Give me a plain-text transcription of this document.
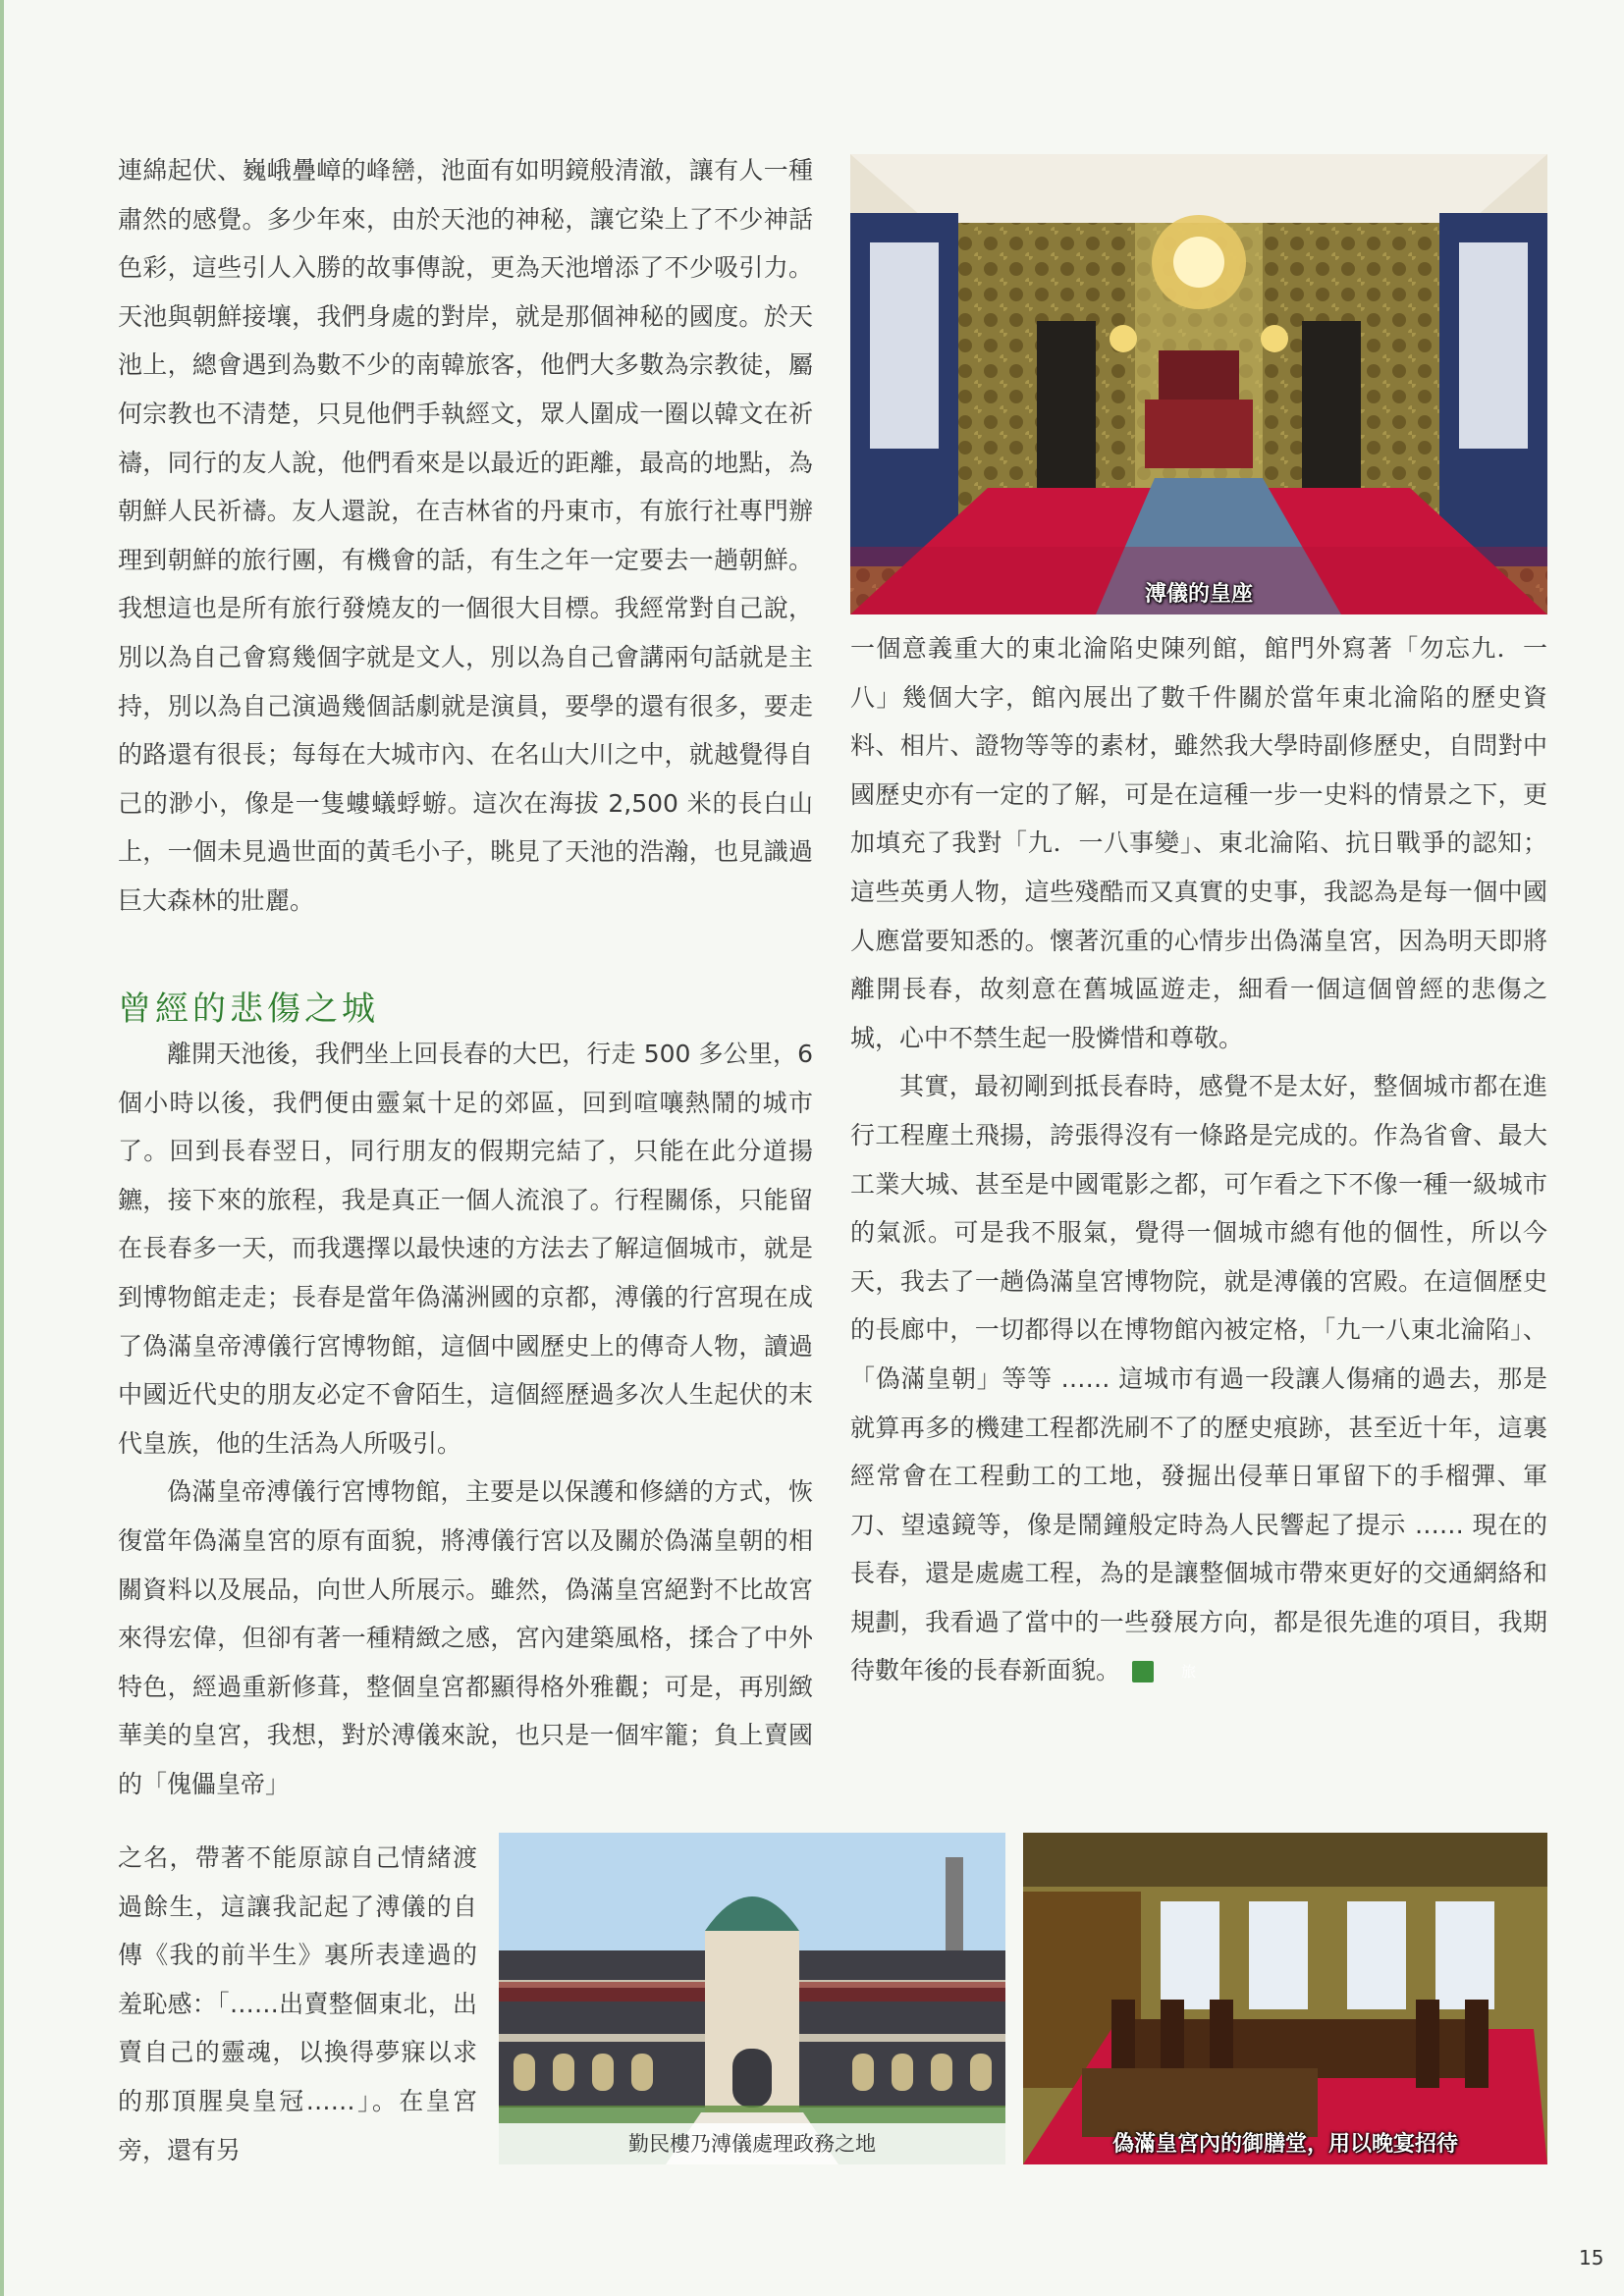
連綿起伏、巍峨疊嶂的峰巒，池面有如明鏡般清澈，讓有人一種肅然的感覺。多少年來，由於天池的神秘，讓它染上了不少神話色彩，這些引人入勝的故事傳說，更為天池增添了不少吸引力。天池與朝鮮接壤，我們身處的對岸，就是那個神秘的國度。於天池上，總會遇到為數不少的南韓旅客，他們大多數為宗教徒，屬何宗教也不清楚，只見他們手執經文，眾人圍成一圈以韓文在祈禱，同行的友人說，他們看來是以最近的距離，最高的地點，為朝鮮人民祈禱。友人還說，在吉林省的丹東市，有旅行社專門辦理到朝鮮的旅行團，有機會的話，有生之年一定要去一趟朝鮮。我想這也是所有旅行發燒友的一個很大目標。我經常對自己說，別以為自己會寫幾個字就是文人，別以為自己會講兩句話就是主持，別以為自己演過幾個話劇就是演員，要學的還有很多，要走的路還有很長；每每在大城市內、在名山大川之中，就越覺得自己的渺小，像是一隻螻蟻蜉蝣。這次在海拔 2,500 米的長白山上，一個未見過世面的黃毛小子，眺見了天池的浩瀚，也見識過巨大森林的壯麗。

曾經的悲傷之城

離開天池後，我們坐上回長春的大巴，行走 500 多公里，6 個小時以後，我們便由靈氣十足的郊區，回到喧嚷熱鬧的城市了。回到長春翌日，同行朋友的假期完結了，只能在此分道揚鑣，接下來的旅程，我是真正一個人流浪了。行程關係，只能留在長春多一天，而我選擇以最快速的方法去了解這個城市，就是到博物館走走；長春是當年偽滿洲國的京都，溥儀的行宮現在成了偽滿皇帝溥儀行宮博物館，這個中國歷史上的傳奇人物，讀過中國近代史的朋友必定不會陌生，這個經歷過多次人生起伏的末代皇族，他的生活為人所吸引。

偽滿皇帝溥儀行宮博物館，主要是以保護和修繕的方式，恢復當年偽滿皇宮的原有面貌，將溥儀行宮以及關於偽滿皇朝的相關資料以及展品，向世人所展示。雖然，偽滿皇宮絕對不比故宮來得宏偉，但卻有著一種精緻之感，宮內建築風格，揉合了中外特色，經過重新修葺，整個皇宮都顯得格外雅觀；可是，再別緻華美的皇宮，我想，對於溥儀來說，也只是一個牢籠；負上賣國的「傀儡皇帝」

之名，帶著不能原諒自己情緒渡過餘生，這讓我記起了溥儀的自傳《我的前半生》裏所表達過的羞恥感：「……出賣整個東北，出賣自己的靈魂，以換得夢寐以求的那頂腥臭皇冠……」。在皇宮旁，還有另

溥儀的皇座

一個意義重大的東北淪陷史陳列館，館門外寫著「勿忘九．一八」幾個大字，館內展出了數千件關於當年東北淪陷的歷史資料、相片、證物等等的素材，雖然我大學時副修歷史，自問對中國歷史亦有一定的了解，可是在這種一步一史料的情景之下，更加填充了我對「九．一八事變」、東北淪陷、抗日戰爭的認知；這些英勇人物，這些殘酷而又真實的史事，我認為是每一個中國人應當要知悉的。懷著沉重的心情步出偽滿皇宮，因為明天即將離開長春，故刻意在舊城區遊走，細看一個這個曾經的悲傷之城，心中不禁生起一股憐惜和尊敬。

其實，最初剛到抵長春時，感覺不是太好，整個城市都在進行工程塵土飛揚，誇張得沒有一條路是完成的。作為省會、最大工業大城、甚至是中國電影之都，可乍看之下不像一種一級城市的氣派。可是我不服氣，覺得一個城市總有他的個性，所以今天，我去了一趟偽滿皇宮博物院，就是溥儀的宮殿。在這個歷史的長廊中，一切都得以在博物館內被定格，「九一八東北淪陷」、「偽滿皇朝」等等 …… 這城市有過一段讓人傷痛的過去，那是就算再多的機建工程都洗刷不了的歷史痕跡，甚至近十年，這裏經常會在工程動工的工地，發掘出侵華日軍留下的手榴彈、軍刀、望遠鏡等，像是鬧鐘般定時為人民響起了提示 …… 現在的長春，還是處處工程，為的是讓整個城市帶來更好的交通網絡和規劃，我看過了當中的一些發展方向，都是很先進的項目，我期待數年後的長春新面貌。	旅

勤民樓乃溥儀處理政務之地	偽滿皇宮內的御膳堂，用以晚宴招待
15
